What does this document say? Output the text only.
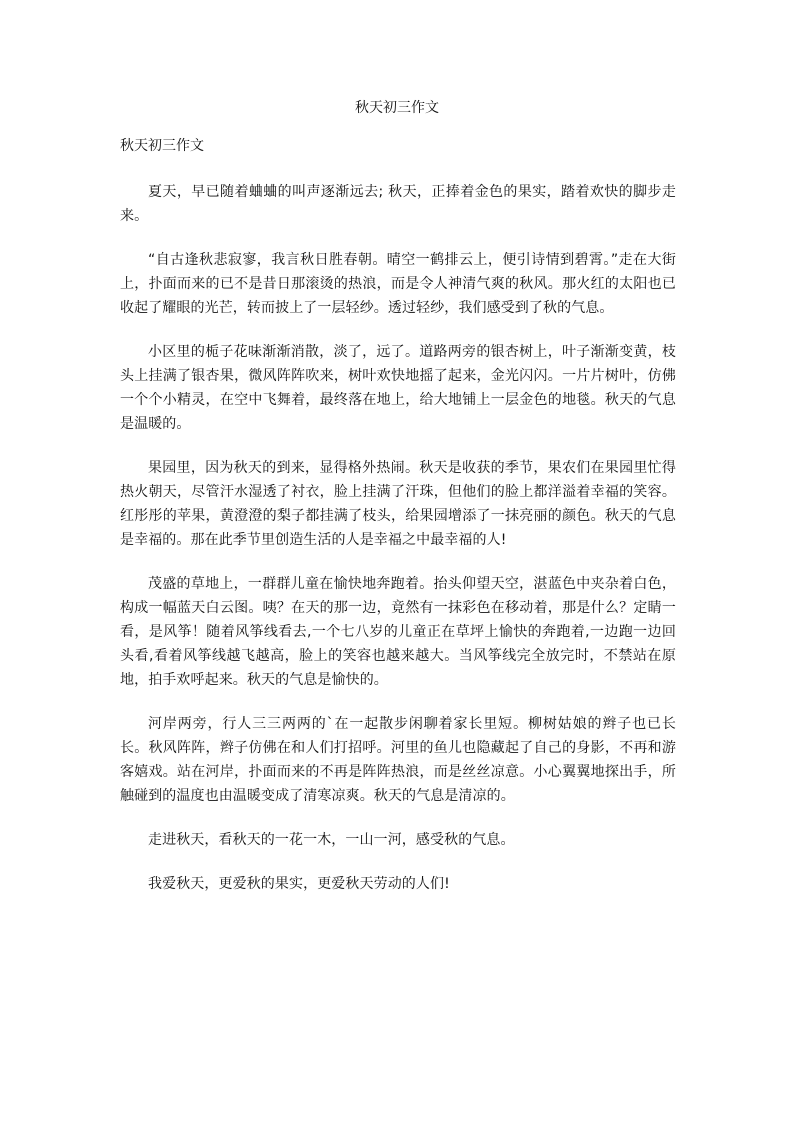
秋天初三作文
秋天初三作文

夏天，早已随着蛐蛐的叫声逐渐远去; 秋天，正捧着金色的果实，踏着欢快的脚步走来。

“自古逢秋悲寂寥，我言秋日胜春朝。晴空一鹤排云上，便引诗情到碧霄。”走在大街上，扑面而来的已不是昔日那滚烫的热浪，而是令人神清气爽的秋风。那火红的太阳也已收起了耀眼的光芒，转而披上了一层轻纱。透过轻纱，我们感受到了秋的气息。

小区里的栀子花味渐渐消散，淡了，远了。道路两旁的银杏树上，叶子渐渐变黄，枝头上挂满了银杏果，微风阵阵吹来，树叶欢快地摇了起来，金光闪闪。一片片树叶，仿佛一个个小精灵，在空中飞舞着，最终落在地上，给大地铺上一层金色的地毯。秋天的气息是温暖的。

果园里，因为秋天的到来，显得格外热闹。秋天是收获的季节，果农们在果园里忙得热火朝天，尽管汗水湿透了衬衣，脸上挂满了汗珠，但他们的脸上都洋溢着幸福的笑容。红彤彤的苹果，黄澄澄的梨子都挂满了枝头，给果园增添了一抹亮丽的颜色。秋天的气息是幸福的。那在此季节里创造生活的人是幸福之中最幸福的人!

茂盛的草地上，一群群儿童在愉快地奔跑着。抬头仰望天空，湛蓝色中夹杂着白色，构成一幅蓝天白云图。咦？在天的那一边，竟然有一抹彩色在移动着，那是什么？定睛一看，是风筝！随着风筝线看去,一个七八岁的儿童正在草坪上愉快的奔跑着,一边跑一边回头看,看着风筝线越飞越高，脸上的笑容也越来越大。当风筝线完全放完时，不禁站在原地，拍手欢呼起来。秋天的气息是愉快的。

河岸两旁，行人三三两两的`在一起散步闲聊着家长里短。柳树姑娘的辫子也已长长。秋风阵阵，辫子仿佛在和人们打招呼。河里的鱼儿也隐藏起了自己的身影，不再和游客嬉戏。站在河岸，扑面而来的不再是阵阵热浪，而是丝丝凉意。小心翼翼地探出手，所触碰到的温度也由温暖变成了清寒凉爽。秋天的气息是清凉的。

走进秋天，看秋天的一花一木，一山一河，感受秋的气息。

我爱秋天，更爱秋的果实，更爱秋天劳动的人们!
